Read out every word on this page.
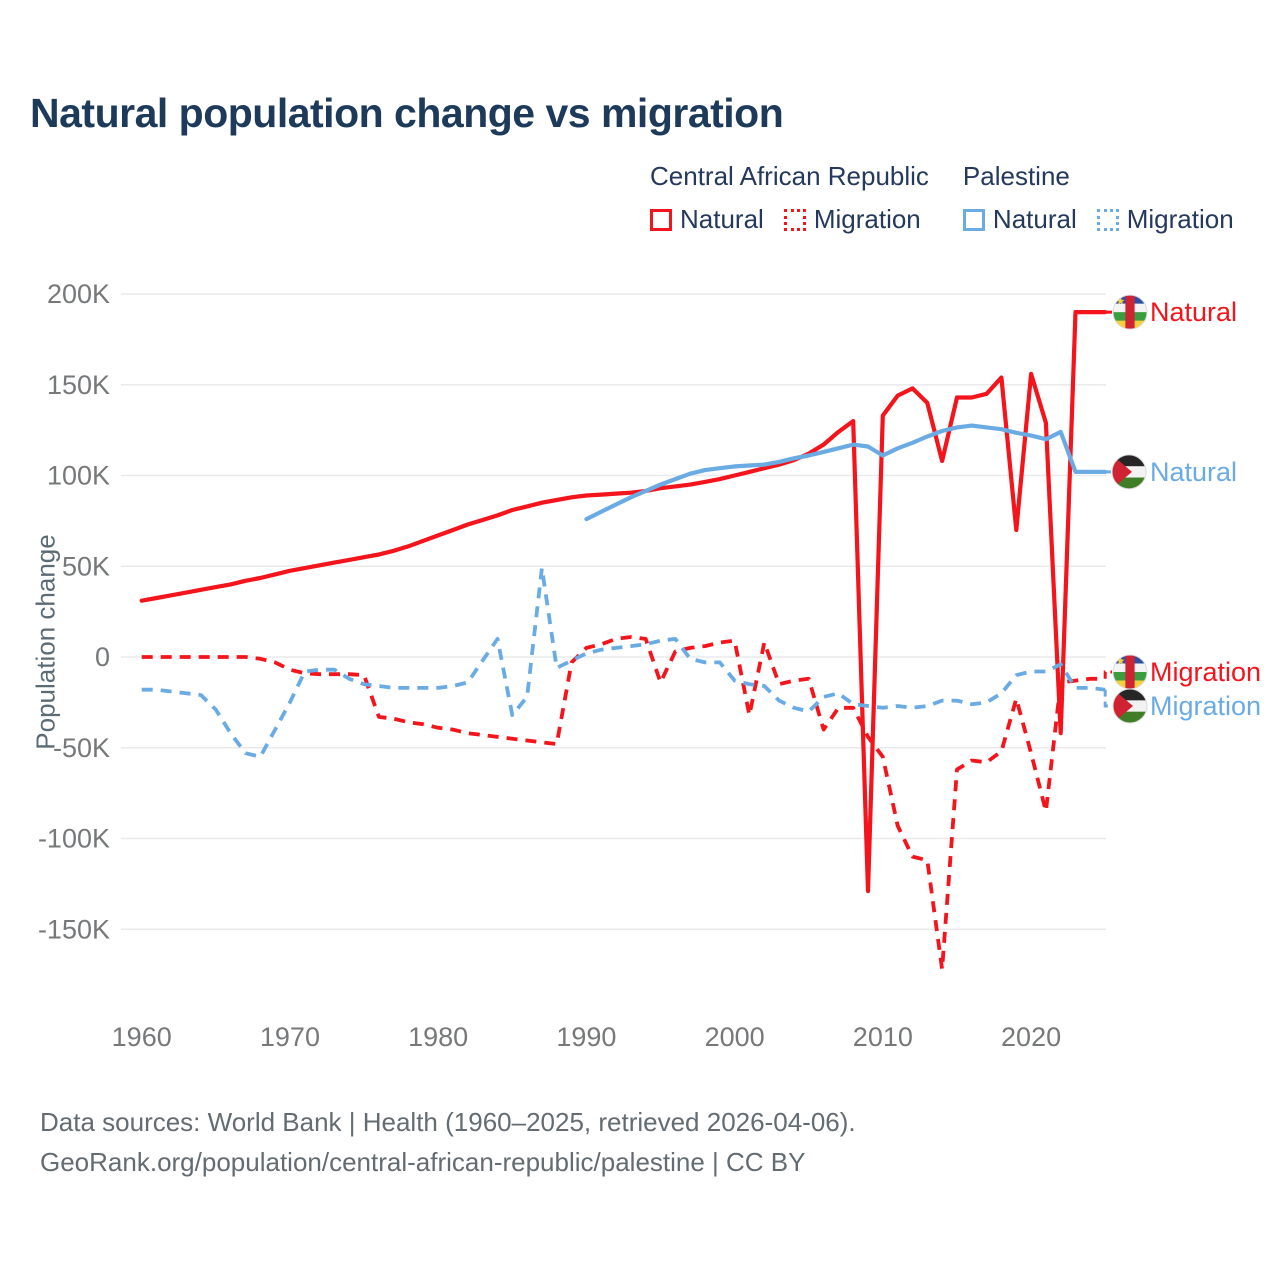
Natural population change vs migration
Central African Republic
Natural Migration
Palestine
Natural Migration
200K
150K
100K
50K
0
-50K
-100K
-150K
1960	1970	1980	1990	2000	2010	2020
Natural
Natural
Migration
Migration
Population change
Data sources: World Bank | Health (1960–2025, retrieved 2026-04-06).
GeoRank.org/population/central-african-republic/palestine | CC BY
